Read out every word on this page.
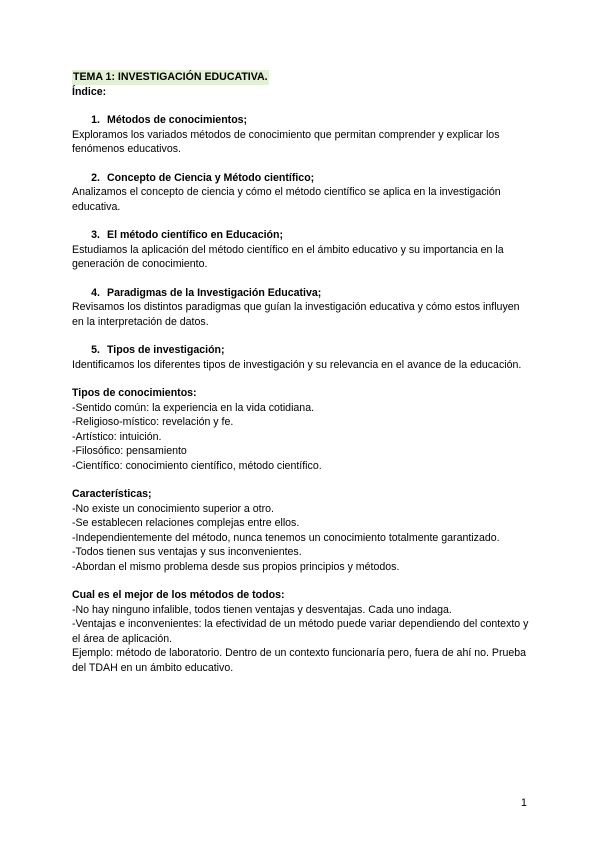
TEMA 1: INVESTIGACIÓN EDUCATIVA.
Índice:
1. Métodos de conocimientos;

Exploramos los variados métodos de conocimiento que permitan comprender y explicar los fenómenos educativos.

2. Concepto de Ciencia y Método científico;

Analizamos el concepto de ciencia y cómo el método científico se aplica en la investigación educativa.

3. El método científico en Educación;

Estudiamos la aplicación del método científico en el ámbito educativo y su importancia en la generación de conocimiento.

4. Paradigmas de la Investigación Educativa;

Revisamos los distintos paradigmas que guían la investigación educativa y cómo estos influyen en la interpretación de datos.

5. Tipos de investigación;

Identificamos los diferentes tipos de investigación y su relevancia en el avance de la educación.

Tipos de conocimientos:
-Sentido común: la experiencia en la vida cotidiana.
-Religioso-místico: revelación y fe.
-Artístico: intuición.
-Filosófico: pensamiento
-Científico: conocimiento científico, método científico.
Características;
-No existe un conocimiento superior a otro.
-Se establecen relaciones complejas entre ellos.
-Independientemente del método, nunca tenemos un conocimiento totalmente garantizado.
-Todos tienen sus ventajas y sus inconvenientes.
-Abordan el mismo problema desde sus propios principios y métodos.
Cual es el mejor de los métodos de todos:
-No hay ninguno infalible, todos tienen ventajas y desventajas. Cada uno indaga.
-Ventajas e inconvenientes: la efectividad de un método puede variar dependiendo del contexto y el área de aplicación.
Ejemplo: método de laboratorio. Dentro de un contexto funcionaría pero, fuera de ahí no. Prueba del TDAH en un ámbito educativo.
1
